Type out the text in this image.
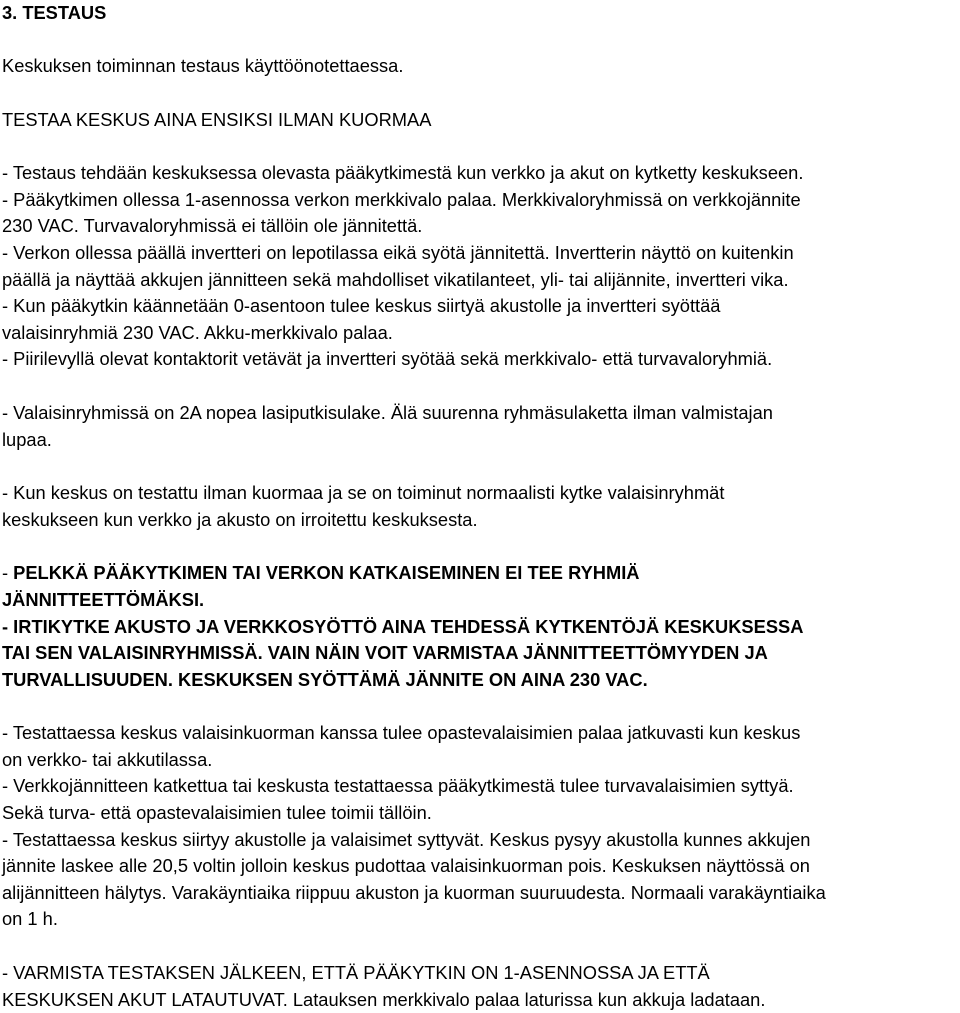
3. TESTAUS
Keskuksen toiminnan testaus käyttöönotettaessa.
TESTAA KESKUS AINA ENSIKSI ILMAN KUORMAA
- Testaus tehdään keskuksessa olevasta pääkytkimestä kun verkko ja akut on kytketty keskukseen.
- Pääkytkimen ollessa 1-asennossa verkon merkkivalo palaa. Merkkivaloryhmissä on verkkojännite
230 VAC. Turvavaloryhmissä ei tällöin ole jännitettä.
- Verkon ollessa päällä invertteri on lepotilassa eikä syötä jännitettä. Invertterin näyttö on kuitenkin
päällä ja näyttää akkujen jännitteen sekä mahdolliset vikatilanteet, yli- tai alijännite, invertteri vika.
- Kun pääkytkin käännetään 0-asentoon tulee keskus siirtyä akustolle ja invertteri syöttää
valaisinryhmiä 230 VAC. Akku-merkkivalo palaa.
- Piirilevyllä olevat kontaktorit vetävät ja invertteri syötää sekä merkkivalo- että turvavaloryhmiä.
- Valaisinryhmissä on 2A nopea lasiputkisulake. Älä suurenna ryhmäsulaketta ilman valmistajan
lupaa.
- Kun keskus on testattu ilman kuormaa ja se on toiminut normaalisti kytke valaisinryhmät
keskukseen kun verkko ja akusto on irroitettu keskuksesta.
- PELKKÄ PÄÄKYTKIMEN TAI VERKON KATKAISEMINEN EI TEE RYHMIÄ
JÄNNITTEETTÖMÄKSI.
- IRTIKYTKE AKUSTO JA VERKKOSYÖTTÖ AINA TEHDESSÄ KYTKENTÖJÄ KESKUKSESSA
TAI SEN VALAISINRYHMISSÄ. VAIN NÄIN VOIT VARMISTAA JÄNNITTEETTÖMYYDEN JA
TURVALLISUUDEN. KESKUKSEN SYÖTTÄMÄ JÄNNITE ON AINA 230 VAC.
- Testattaessa keskus valaisinkuorman kanssa tulee opastevalaisimien palaa jatkuvasti kun keskus
on verkko- tai akkutilassa.
- Verkkojännitteen katkettua tai keskusta testattaessa pääkytkimestä tulee turvavalaisimien syttyä.
Sekä turva- että opastevalaisimien tulee toimii tällöin.
- Testattaessa keskus siirtyy akustolle ja valaisimet syttyvät. Keskus pysyy akustolla kunnes akkujen
jännite laskee alle 20,5 voltin jolloin keskus pudottaa valaisinkuorman pois. Keskuksen näyttössä on
alijännitteen hälytys. Varakäyntiaika riippuu akuston ja kuorman suuruudesta. Normaali varakäyntiaika
on 1 h.
- VARMISTA TESTAKSEN JÄLKEEN, ETTÄ PÄÄKYTKIN ON 1-ASENNOSSA JA ETTÄ
KESKUKSEN AKUT LATAUTUVAT. Latauksen merkkivalo palaa laturissa kun akkuja ladataan.
